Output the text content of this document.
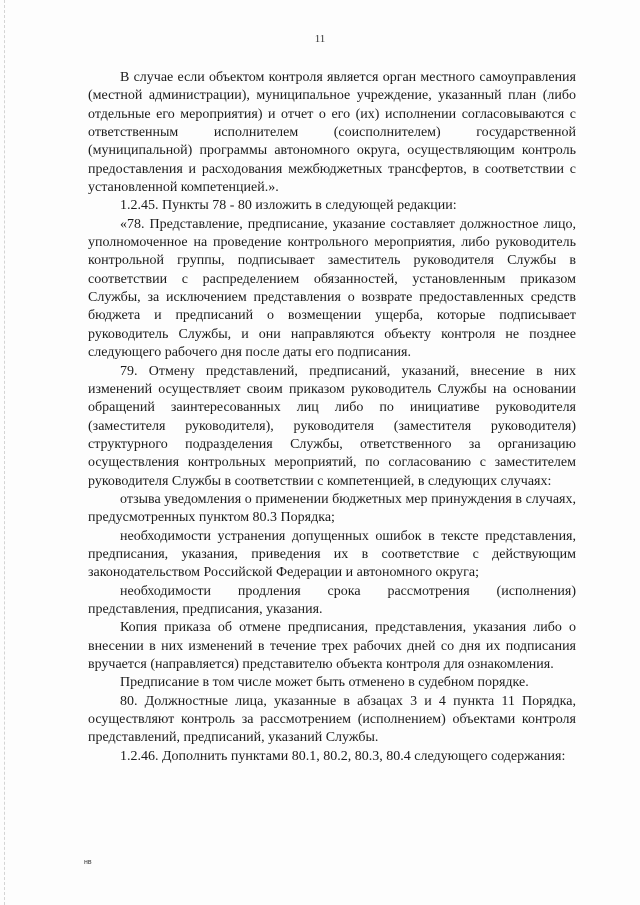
11

В случае если объектом контроля является орган местного самоуправления (местной администрации), муниципальное учреждение, указанный план (либо отдельные его мероприятия) и отчет о его (их) исполнении согласовываются с ответственным исполнителем (соисполнителем) государственной (муниципальной) программы автономного округа, осуществляющим контроль предоставления и расходования межбюджетных трансфертов, в соответствии с установленной компетенцией.».

1.2.45. Пункты 78 - 80 изложить в следующей редакции:

«78. Представление, предписание, указание составляет должностное лицо, уполномоченное на проведение контрольного мероприятия, либо руководитель контрольной группы, подписывает заместитель руководителя Службы в соответствии с распределением обязанностей, установленным приказом Службы, за исключением представления о возврате предоставленных средств бюджета и предписаний о возмещении ущерба, которые подписывает руководитель Службы, и они направляются объекту контроля не позднее следующего рабочего дня после даты его подписания.

79. Отмену представлений, предписаний, указаний, внесение в них изменений осуществляет своим приказом руководитель Службы на основании обращений заинтересованных лиц либо по инициативе руководителя (заместителя руководителя), руководителя (заместителя руководителя) структурного подразделения Службы, ответственного за организацию осуществления контрольных мероприятий, по согласованию с заместителем руководителя Службы в соответствии с компетенцией, в следующих случаях:

отзыва уведомления о применении бюджетных мер принуждения в случаях, предусмотренных пунктом 80.3 Порядка;

необходимости устранения допущенных ошибок в тексте представления, предписания, указания, приведения их в соответствие с действующим законодательством Российской Федерации и автономного округа;

необходимости продления срока рассмотрения (исполнения) представления, предписания, указания.

Копия приказа об отмене предписания, представления, указания либо о внесении в них изменений в течение трех рабочих дней со дня их подписания вручается (направляется) представителю объекта контроля для ознакомления.

Предписание в том числе может быть отменено в судебном порядке.

80. Должностные лица, указанные в абзацах 3 и 4 пункта 11 Порядка, осуществляют контроль за рассмотрением (исполнением) объектами контроля представлений, предписаний, указаний Службы.

1.2.46. Дополнить пунктами 80.1, 80.2, 80.3, 80.4 следующего содержания:

нв
